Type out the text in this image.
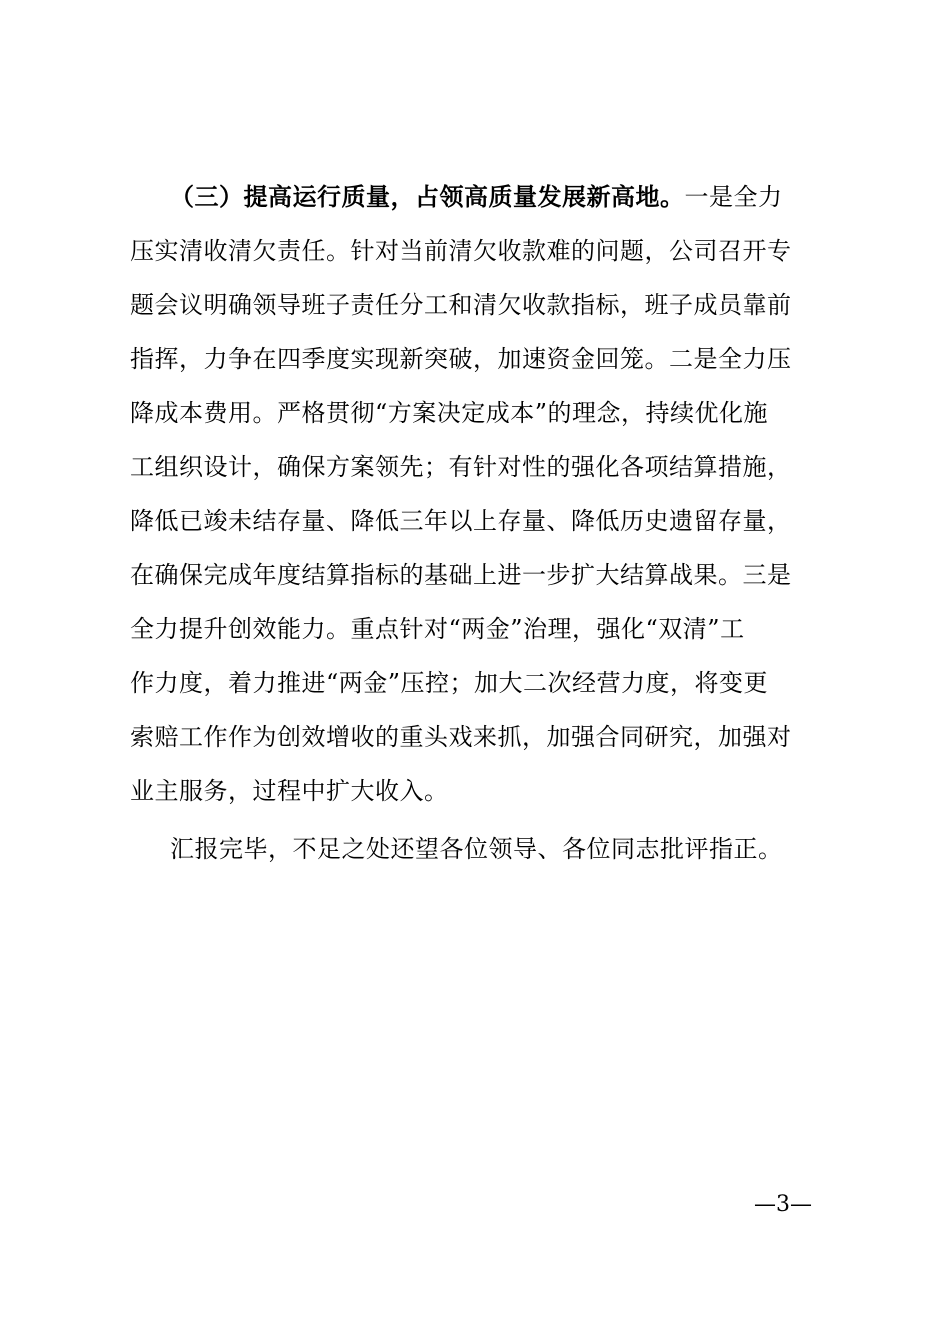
（三）提高运行质量，占领高质量发展新高地。一是全力
压实清收清欠责任。针对当前清欠收款难的问题，公司召开专
题会议明确领导班子责任分工和清欠收款指标，班子成员靠前
指挥，力争在四季度实现新突破，加速资金回笼。二是全力压
降成本费用。严格贯彻“方案决定成本”的理念，持续优化施
工组织设计，确保方案领先；有针对性的强化各项结算措施，
降低已竣未结存量、降低三年以上存量、降低历史遗留存量，
在确保完成年度结算指标的基础上进一步扩大结算战果。三是
全力提升创效能力。重点针对“两金”治理，强化“双清”工
作力度，着力推进“两金”压控；加大二次经营力度，将变更
索赔工作作为创效增收的重头戏来抓，加强合同研究，加强对
业主服务，过程中扩大收入。
汇报完毕，不足之处还望各位领导、各位同志批评指正。
—3—
